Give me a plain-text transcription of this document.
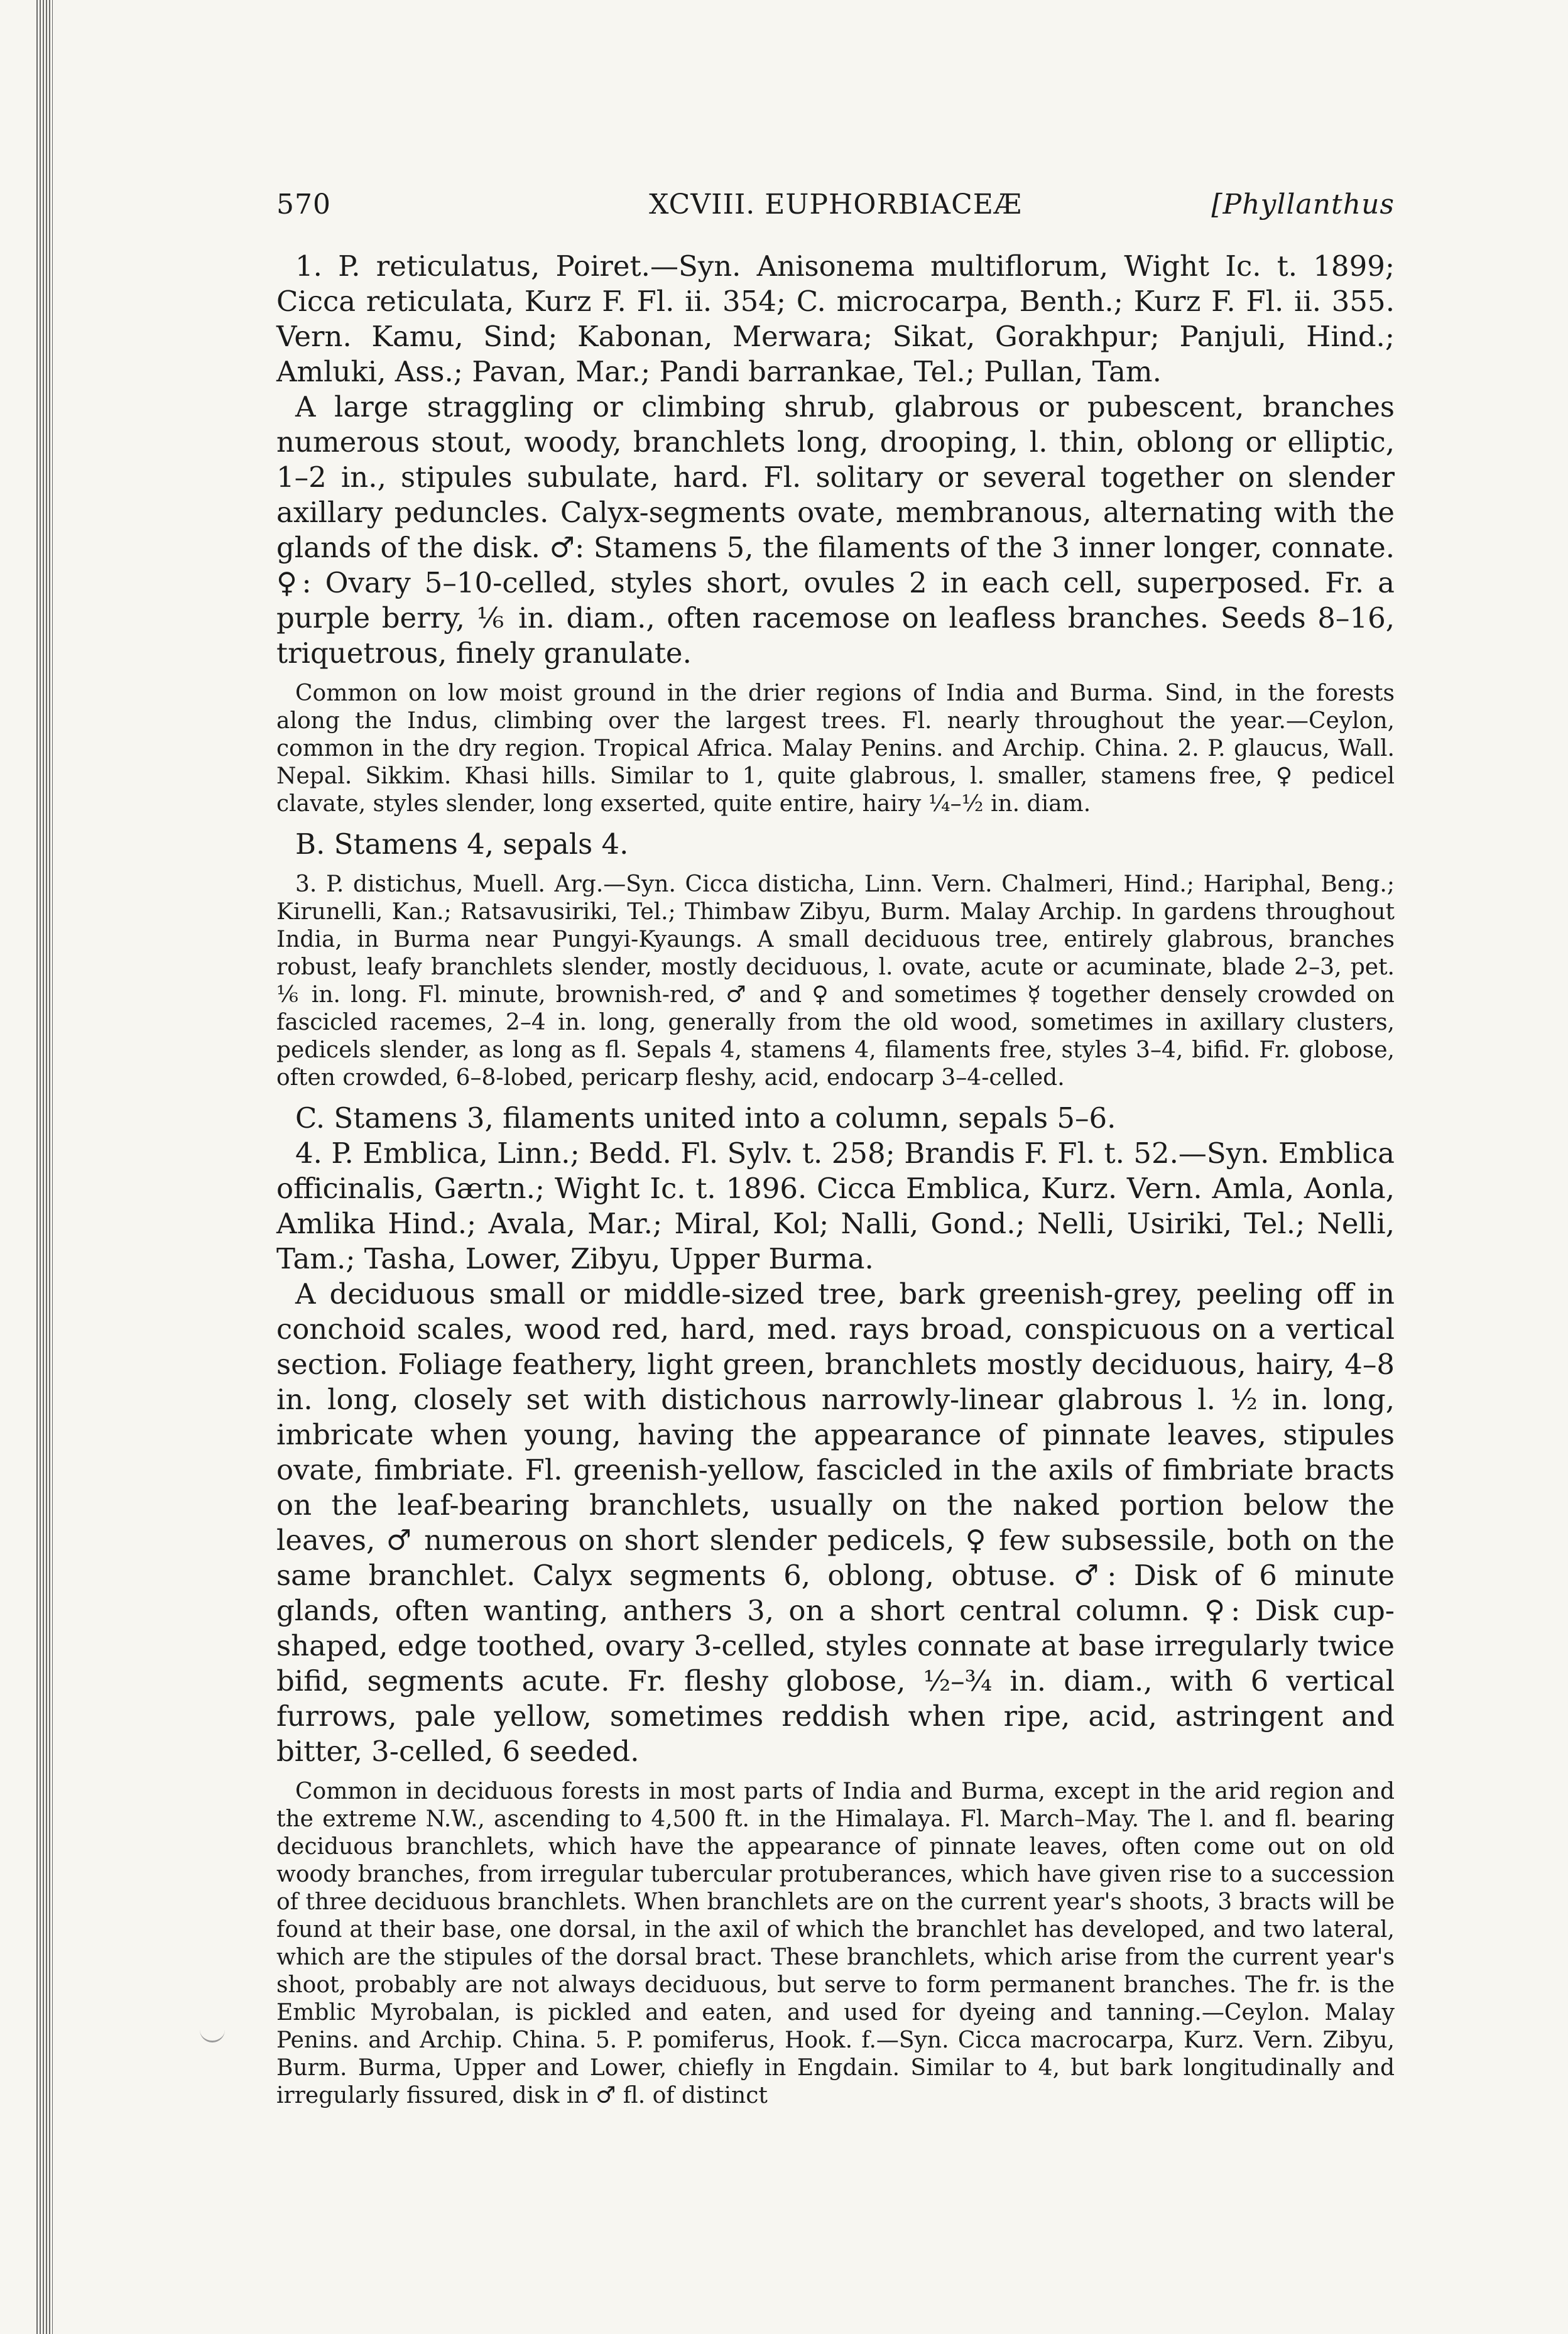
570	XCVIII. EUPHORBIACEÆ	[Phyllanthus

1. P. reticulatus, Poiret.—Syn. Anisonema multiflorum, Wight Ic. t. 1899; Cicca reticulata, Kurz F. Fl. ii. 354; C. microcarpa, Benth.; Kurz F. Fl. ii. 355. Vern. Kamu, Sind; Kabonan, Merwara; Sikat, Gorakhpur; Panjuli, Hind.; Amluki, Ass.; Pavan, Mar.; Pandi barrankae, Tel.; Pullan, Tam.

A large straggling or climbing shrub, glabrous or pubescent, branches numerous stout, woody, branchlets long, drooping, l. thin, oblong or elliptic, 1–2 in., stipules subulate, hard. Fl. solitary or several together on slender axillary peduncles. Calyx-segments ovate, membranous, alternating with the glands of the disk. ♂: Stamens 5, the filaments of the 3 inner longer, connate. ♀: Ovary 5–10-celled, styles short, ovules 2 in each cell, superposed. Fr. a purple berry, ⅙ in. diam., often racemose on leafless branches. Seeds 8–16, triquetrous, finely granulate.

Common on low moist ground in the drier regions of India and Burma. Sind, in the forests along the Indus, climbing over the largest trees. Fl. nearly throughout the year.—Ceylon, common in the dry region. Tropical Africa. Malay Penins. and Archip. China. 2. P. glaucus, Wall. Nepal. Sikkim. Khasi hills. Similar to 1, quite glabrous, l. smaller, stamens free, ♀ pedicel clavate, styles slender, long exserted, quite entire, hairy ¼–½ in. diam.

B. Stamens 4, sepals 4.

3. P. distichus, Muell. Arg.—Syn. Cicca disticha, Linn. Vern. Chalmeri, Hind.; Hariphal, Beng.; Kirunelli, Kan.; Ratsavusiriki, Tel.; Thimbaw Zibyu, Burm. Malay Archip. In gardens throughout India, in Burma near Pungyi-Kyaungs. A small deciduous tree, entirely glabrous, branches robust, leafy branchlets slender, mostly deciduous, l. ovate, acute or acuminate, blade 2–3, pet. ⅙ in. long. Fl. minute, brownish-red, ♂ and ♀ and sometimes ☿ together densely crowded on fascicled racemes, 2–4 in. long, generally from the old wood, sometimes in axillary clusters, pedicels slender, as long as fl. Sepals 4, stamens 4, filaments free, styles 3–4, bifid. Fr. globose, often crowded, 6–8-lobed, pericarp fleshy, acid, endocarp 3–4-celled.

C. Stamens 3, filaments united into a column, sepals 5–6.

4. P. Emblica, Linn.; Bedd. Fl. Sylv. t. 258; Brandis F. Fl. t. 52.—Syn. Emblica officinalis, Gærtn.; Wight Ic. t. 1896. Cicca Emblica, Kurz. Vern. Amla, Aonla, Amlika Hind.; Avala, Mar.; Miral, Kol; Nalli, Gond.; Nelli, Usiriki, Tel.; Nelli, Tam.; Tasha, Lower, Zibyu, Upper Burma.

A deciduous small or middle-sized tree, bark greenish-grey, peeling off in conchoid scales, wood red, hard, med. rays broad, conspicuous on a vertical section. Foliage feathery, light green, branchlets mostly deciduous, hairy, 4–8 in. long, closely set with distichous narrowly-linear glabrous l. ½ in. long, imbricate when young, having the appearance of pinnate leaves, stipules ovate, fimbriate. Fl. greenish-yellow, fascicled in the axils of fimbriate bracts on the leaf-bearing branchlets, usually on the naked portion below the leaves, ♂ numerous on short slender pedicels, ♀ few subsessile, both on the same branchlet. Calyx segments 6, oblong, obtuse. ♂: Disk of 6 minute glands, often wanting, anthers 3, on a short central column. ♀: Disk cup-shaped, edge toothed, ovary 3-celled, styles connate at base irregularly twice bifid, segments acute. Fr. fleshy globose, ½–¾ in. diam., with 6 vertical furrows, pale yellow, sometimes reddish when ripe, acid, astringent and bitter, 3-celled, 6 seeded.

Common in deciduous forests in most parts of India and Burma, except in the arid region and the extreme N.W., ascending to 4,500 ft. in the Himalaya. Fl. March–May. The l. and fl. bearing deciduous branchlets, which have the appearance of pinnate leaves, often come out on old woody branches, from irregular tubercular protuberances, which have given rise to a succession of three deciduous branchlets. When branchlets are on the current year's shoots, 3 bracts will be found at their base, one dorsal, in the axil of which the branchlet has developed, and two lateral, which are the stipules of the dorsal bract. These branchlets, which arise from the current year's shoot, probably are not always deciduous, but serve to form permanent branches. The fr. is the Emblic Myrobalan, is pickled and eaten, and used for dyeing and tanning.—Ceylon. Malay Penins. and Archip. China. 5. P. pomiferus, Hook. f.—Syn. Cicca macrocarpa, Kurz. Vern. Zibyu, Burm. Burma, Upper and Lower, chiefly in Engdain. Similar to 4, but bark longitudinally and irregularly fissured, disk in ♂ fl. of distinct
